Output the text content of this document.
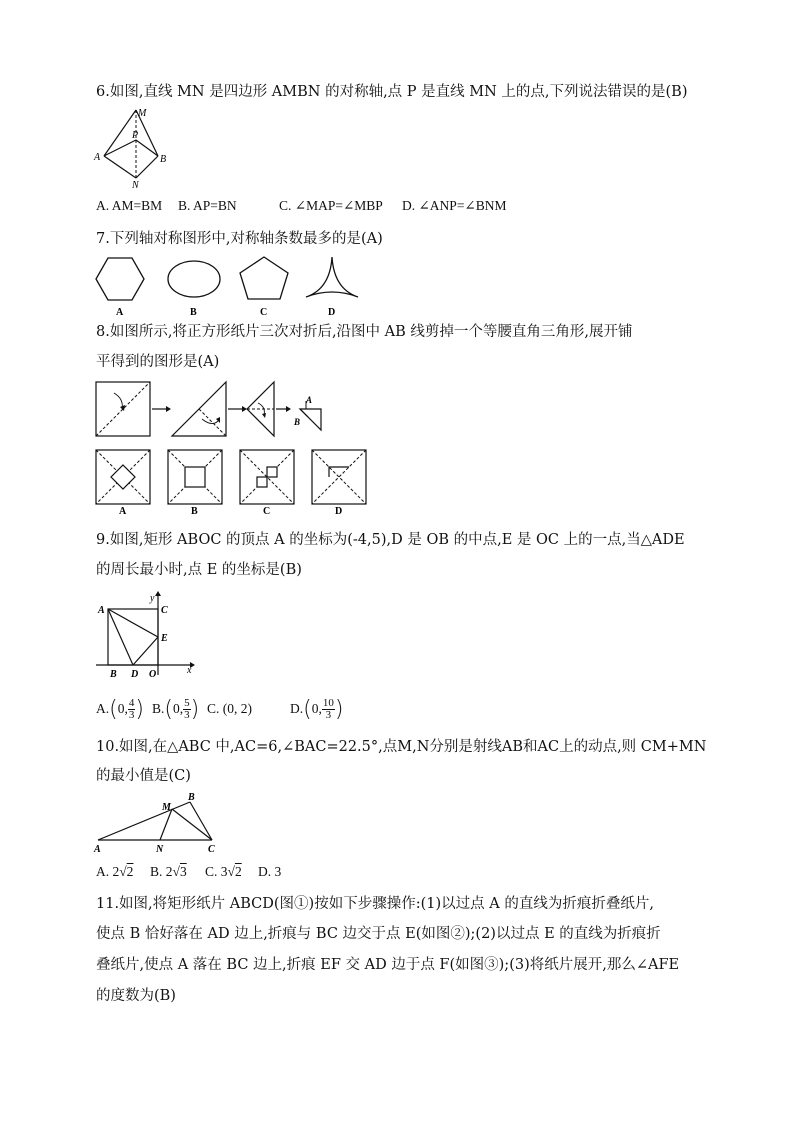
6.如图,直线 MN 是四边形 AMBN 的对称轴,点 P 是直线 MN 上的点,下列说法错误的是(B)
M
P
A	B
N
A. AM=BM B. AP=BN	C. ∠MAP=∠MBP D. ∠ANP=∠BNM
7.下列轴对称图形中,对称轴条数最多的是(A)
A	B	C	D
8.如图所示,将正方形纸片三次对折后,沿图中 AB 线剪掉一个等腰直角三角形,展开铺
平得到的图形是(A)
A
B
A	B	C	D
9.如图,矩形 ABOC 的顶点 A 的坐标为(-4,5),D 是 OB 的中点,E 是 OC 上的一点,当△ADE
的周长最小时,点 E 的坐标是(B)
A
y
C
E
B D O	x
A.(0, $\frac{4}{3}$ ) B.(0, $\frac{5}{3}$ ) C. (0, 2)	D.(0, $\frac{10}{3}$ )
10.如图,在△ABC 中,AC=6,∠BAC=22.5°,点M,N分别是射线AB和AC上的动点,则 CM+MN
的最小值是(C)
M
B
A	N	C
A. 2√2 B. 2√3 C. 3√2 D. 3
11.如图,将矩形纸片 ABCD(图①)按如下步骤操作:(1)以过点 A 的直线为折痕折叠纸片,
使点 B 恰好落在 AD 边上,折痕与 BC 边交于点 E(如图②);(2)以过点 E 的直线为折痕折
叠纸片,使点 A 落在 BC 边上,折痕 EF 交 AD 边于点 F(如图③);(3)将纸片展开,那么∠AFE
的度数为(B)
